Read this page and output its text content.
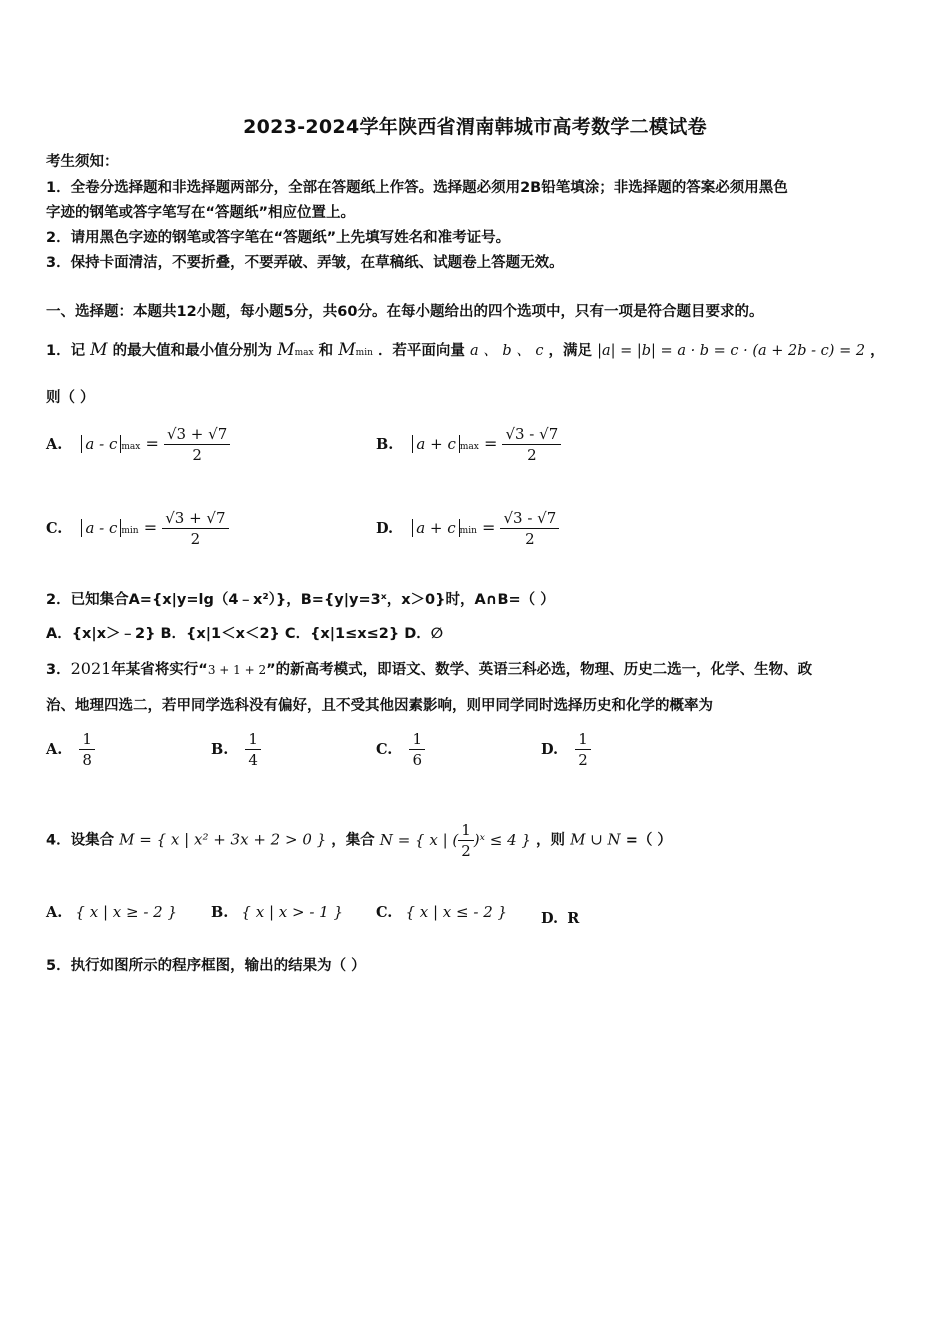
2023-2024学年陕西省渭南韩城市高考数学二模试卷
考生须知：
1．全卷分选择题和非选择题两部分，全部在答题纸上作答。选择题必须用2B铅笔填涂；非选择题的答案必须用黑色
字迹的钢笔或答字笔写在“答题纸”相应位置上。
2．请用黑色字迹的钢笔或答字笔在“答题纸”上先填写姓名和准考证号。
3．保持卡面清洁，不要折叠，不要弄破、弄皱，在草稿纸、试题卷上答题无效。
一、选择题：本题共12小题，每小题5分，共60分。在每小题给出的四个选项中，只有一项是符合题目要求的。
1．记 M 的最大值和最小值分别为 Mmax 和 Mmin ．若平面向量 a 、 b 、 c ，满足 |a| = |b| = a · b = c · (a + 2b - c) = 2 ，
则（ ）
A. a - c $\max = \frac{√3 + √7}{2}$	B. a + c $\max = \frac{√3 - √7}{2}$
C. a - c $\min = \frac{√3 + √7}{2}$	D. a + c $\min = \frac{√3 - √7}{2}$
2．已知集合A={x|y=lg（4﹣x²）}，B={y|y=3ˣ，x＞0}时，A∩B=（ ）
A．{x|x＞﹣2} B．{x|1＜x＜2} C．{x|1≤x≤2} D．∅
3．2021年某省将实行“3 + 1 + 2”的新高考模式，即语文、数学、英语三科必选，物理、历史二选一，化学、生物、政
治、地理四选二，若甲同学选科没有偏好，且不受其他因素影响，则甲同学同时选择历史和化学的概率为
A. $\frac{1}{8}$	B. $\frac{1}{4}$	C. $\frac{1}{6}$	D. $\frac{1}{2}$
4．设集合 M = { x | x² + 3x + 2 > 0 } ，集合 N = { x | ( $\frac{1}{2}$ )ˣ ≤ 4 } ，则 M ∪ N =（ ）
A. { x | x ≥ - 2 } B. { x | x > - 1 } C. { x | x ≤ - 2 } D. R
5．执行如图所示的程序框图，输出的结果为（ ）
